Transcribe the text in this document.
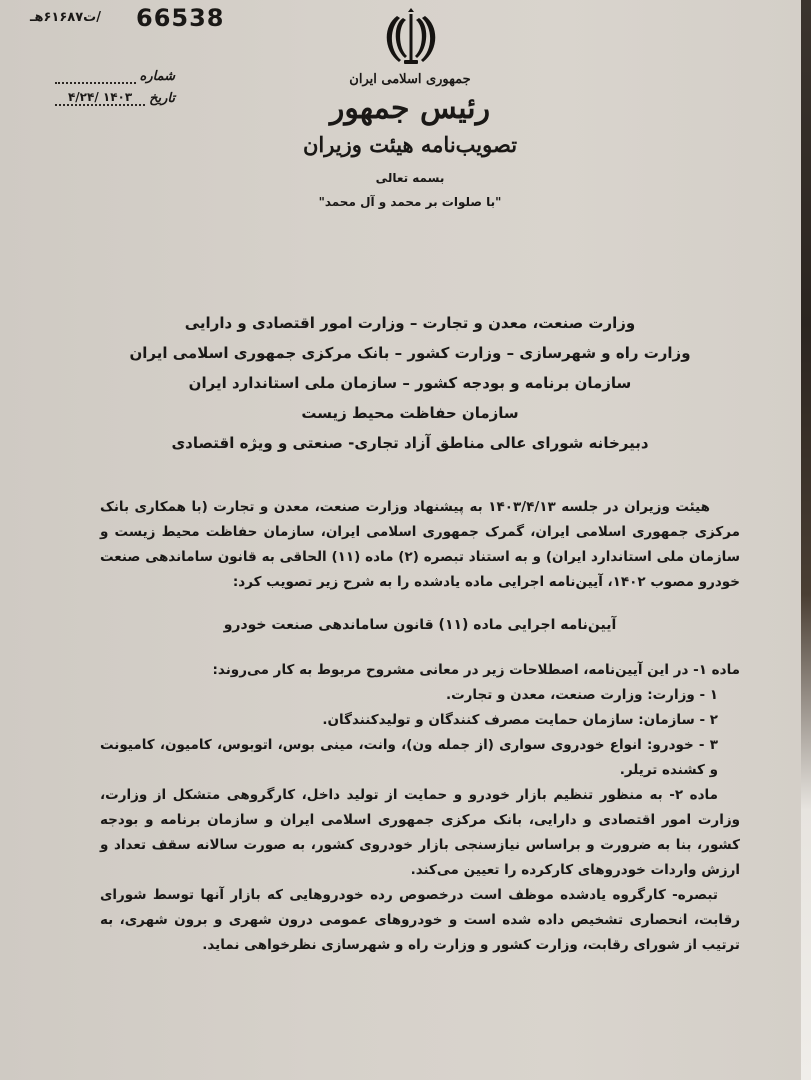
66538
/ت۶۱۶۸۷هـ
شماره
تاریخ
۱۴۰۳ /۴/۲۴
جمهوری اسلامی ایران
رئیس جمهور
تصویب‌نامه هیئت وزیران
بسمه تعالی
"با صلوات بر محمد و آل محمد"
وزارت صنعت، معدن و تجارت – وزارت امور اقتصادی و دارایی
وزارت راه و شهرسازی – وزارت کشور – بانک مرکزی جمهوری اسلامی ایران
سازمان برنامه و بودجه کشور – سازمان ملی استاندارد ایران
سازمان حفاظت محیط زیست
دبیرخانه شورای عالی مناطق آزاد تجاری- صنعتی و ویژه اقتصادی

هیئت وزیران در جلسه ۱۴۰۳/۴/۱۳ به پیشنهاد وزارت صنعت، معدن و تجارت (با همکاری بانک مرکزی جمهوری اسلامی ایران، گمرک جمهوری اسلامی ایران، سازمان حفاظت محیط زیست و سازمان ملی استاندارد ایران) و به استناد تبصره (۲) ماده (۱۱) الحاقی به قانون ساماندهی صنعت خودرو مصوب ۱۴۰۲، آیین‌نامه اجرایی ماده یادشده را به شرح زیر تصویب کرد:

آیین‌نامه اجرایی ماده (۱۱) قانون ساماندهی صنعت خودرو

ماده ۱- در این آیین‌نامه، اصطلاحات زیر در معانی مشروح مربوط به کار می‌روند:

۱ - وزارت: وزارت صنعت، معدن و تجارت.

۲ - سازمان: سازمان حمایت مصرف کنندگان و تولیدکنندگان.

۳ - خودرو: انواع خودروی سواری (از جمله ون)، وانت، مینی بوس، اتوبوس، کامیون، کامیونت و کشنده تریلر.

ماده ۲- به منظور تنظیم بازار خودرو و حمایت از تولید داخل، کارگروهی متشکل از وزارت، وزارت امور اقتصادی و دارایی، بانک مرکزی جمهوری اسلامی ایران و سازمان برنامه و بودجه کشور، بنا به ضرورت و براساس نیازسنجی بازار خودروی کشور، به صورت سالانه سقف تعداد و ارزش واردات خودروهای کارکرده را تعیین می‌کند.

تبصره- کارگروه یادشده موظف است درخصوص رده خودروهایی که بازار آنها توسط شورای رقابت، انحصاری تشخیص داده شده است و خودروهای عمومی درون شهری و برون شهری، به ترتیب از شورای رقابت، وزارت کشور و وزارت راه و شهرسازی نظرخواهی نماید.
